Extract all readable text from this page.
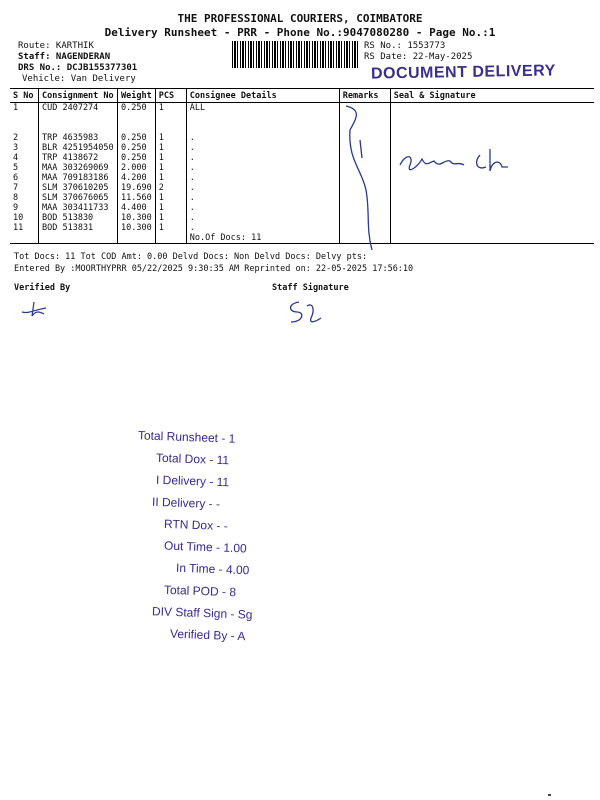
THE PROFESSIONAL COURIERS, COIMBATORE
Delivery Runsheet - PRR - Phone No.:9047080280 - Page No.:1
Route: KARTHIK
Staff: NAGENDERAN
DRS No.: DCJB155377301
Vehicle: Van Delivery
RS No.: 1553773
RS Date: 22-May-2025
DOCUMENT DELIVERY
S No	Consignment No	Weight	PCS	Consignee Details	Remarks	Seal & Signature
1	CUD 2407274	0.250	1	ALL		

2	TRP 4635983	0.250	1	.		
3	BLR 4251954050	0.250	1	.		
4	TRP 4138672	0.250	1	.		
5	MAA 303269069	2.000	1	.		
6	MAA 709183186	4.200	1	.		
7	SLM 370610205	19.690	2	.		
8	SLM 370676065	11.560	1	.		
9	MAA 303411733	4.400	1	.		
10	BOD 513830	10.300	1	.		
11	BOD 513831	10.300	1	.		
				No.Of Docs: 11		
Tot Docs: 11 Tot COD Amt: 0.00 Delvd Docs: Non Delvd Docs: Delvy pts:
Entered By :MOORTHYPRR 05/22/2025 9:30:35 AM Reprinted on: 22-05-2025 17:56:10
Verified By	Staff Signature
Total Runsheet - 1
Total Dox - 11
I Delivery - 11
II Delivery - -
RTN Dox - -
Out Time - 1.00
In Time - 4.00
Total POD - 8
DIV Staff Sign - Sg
Verified By - A
